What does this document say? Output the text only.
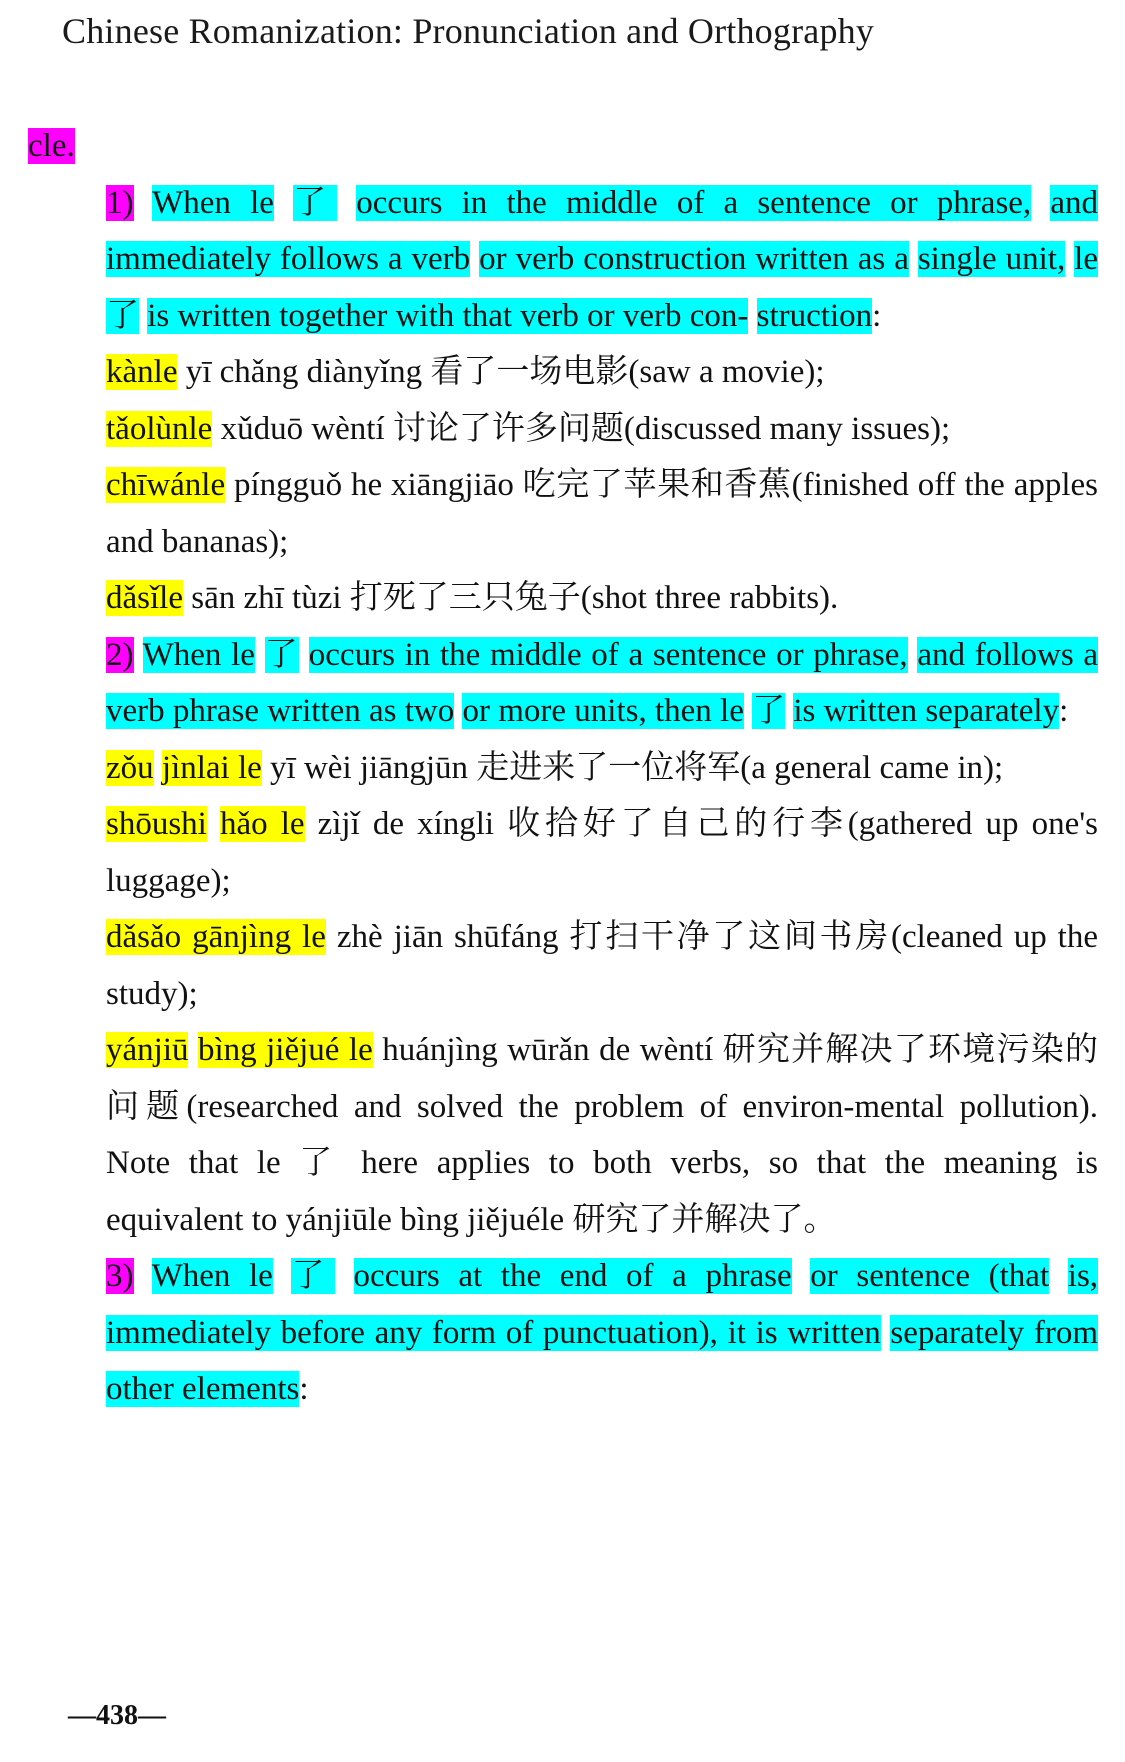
Chinese Romanization: Pronunciation and Orthography

cle.

1) When le 了 occurs in the middle of a sentence or phrase, and immediately follows a verb or verb construction written as a single unit, le 了 is written together with that verb or verb con- struction:

kànle yī chǎng diànyǐng 看了一场电影(saw a movie);

tǎolùnle xǔduō wèntí 讨论了许多问题(discussed many issues);

chīwánle píngguǒ he xiāngjiāo 吃完了苹果和香蕉(finished off the apples and bananas);

dǎsǐle sān zhī tùzi 打死了三只兔子(shot three rabbits).

2) When le 了 occurs in the middle of a sentence or phrase, and follows a verb phrase written as two or more units, then le 了 is written separately:

zǒu jìnlai le yī wèi jiāngjūn 走进来了一位将军(a general came in);

shōushi hǎo le zìjǐ de xíngli 收拾好了自己的行李(gathered up one's luggage);

dǎsǎo gānjìng le zhè jiān shūfáng 打扫干净了这间书房(cleaned up the study);

yánjiū bìng jiějué le huánjìng wūrǎn de wèntí 研究并解决了环境污染的问题(researched and solved the problem of environ-mental pollution). Note that le 了 here applies to both verbs, so that the meaning is equivalent to yánjiūle bìng jiějuéle 研究了并解决了。

3) When le 了 occurs at the end of a phrase or sentence (that is, immediately before any form of punctuation), it is written separately from other elements:

—438—
